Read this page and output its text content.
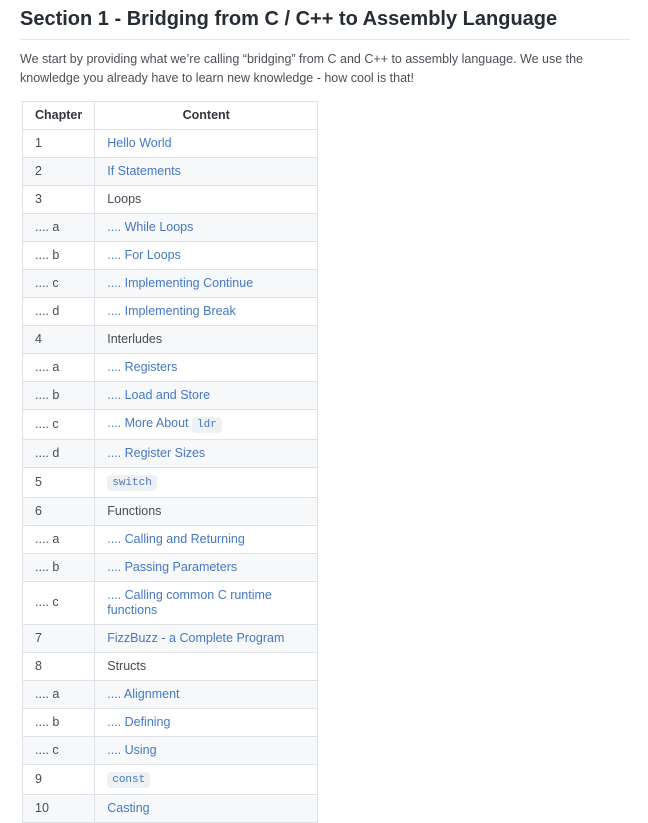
Section 1 - Bridging from C / C++ to Assembly Language

We start by providing what we’re calling “bridging” from C and C++ to assembly language. We use the knowledge you already have to learn new knowledge - how cool is that!

Chapter	Content
1	Hello World
2	If Statements
3	Loops
.... a	.... While Loops
.... b	.... For Loops
.... c	.... Implementing Continue
.... d	.... Implementing Break
4	Interludes
.... a	.... Registers
.... b	.... Load and Store
.... c	.... More About ldr
.... d	.... Register Sizes
5	switch
6	Functions
.... a	.... Calling and Returning
.... b	.... Passing Parameters
.... c	.... Calling common C runtime functions
7	FizzBuzz - a Complete Program
8	Structs
.... a	.... Alignment
.... b	.... Defining
.... c	.... Using
9	const
10	Casting
